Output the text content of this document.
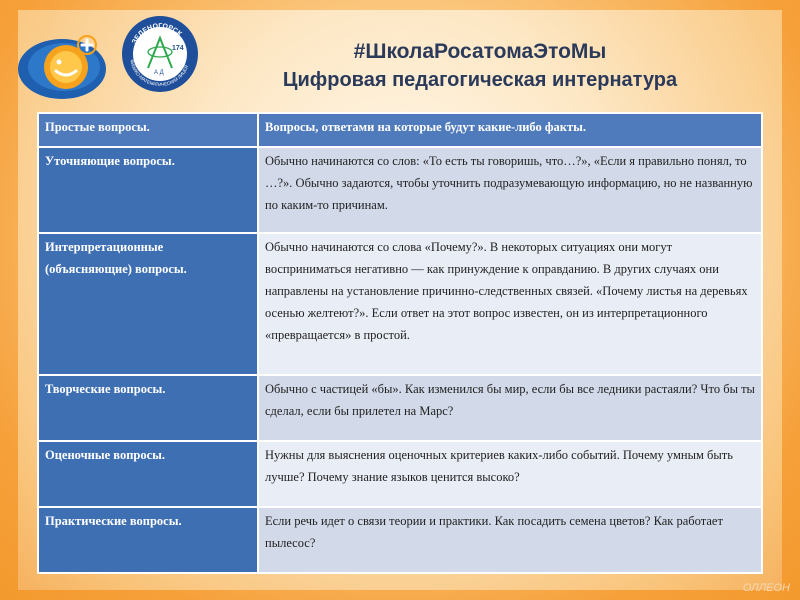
ЗЕЛЕНОГОРСК
ФИЗИКО-МАТЕМАТИЧЕСКИЙ ЛИЦЕЙ
174
А Д
#ШколаРосатомаЭтоМы
Цифровая педагогическая интернатура
Простые вопросы.	Вопросы, ответами на которые будут какие-либо факты.
Уточняющие вопросы.	Обычно начинаются со слов: «То есть ты говоришь, что…?», «Если я правильно понял, то …?». Обычно задаются, чтобы уточнить подразумевающую информацию, но не названную по каким-то причинам.
Интерпретационные (объясняющие) вопросы.	Обычно начинаются со слова «Почему?». В некоторых ситуациях они могут восприниматься негативно — как принуждение к оправданию. В других случаях они направлены на установление причинно-следственных связей. «Почему листья на деревьях осенью желтеют?». Если ответ на этот вопрос известен, он из интерпретационного «превращается» в простой.
Творческие вопросы.	Обычно с частицей «бы». Как изменился бы мир, если бы все ледники растаяли? Что бы ты сделал, если бы прилетел на Марс?
Оценочные вопросы.	Нужны для выяснения оценочных критериев каких-либо событий. Почему умным быть лучше? Почему знание языков ценится высоко?
Практические вопросы.	Если речь идет о связи теории и практики. Как посадить семена цветов? Как работает пылесос?
ОЛЛЕОН
